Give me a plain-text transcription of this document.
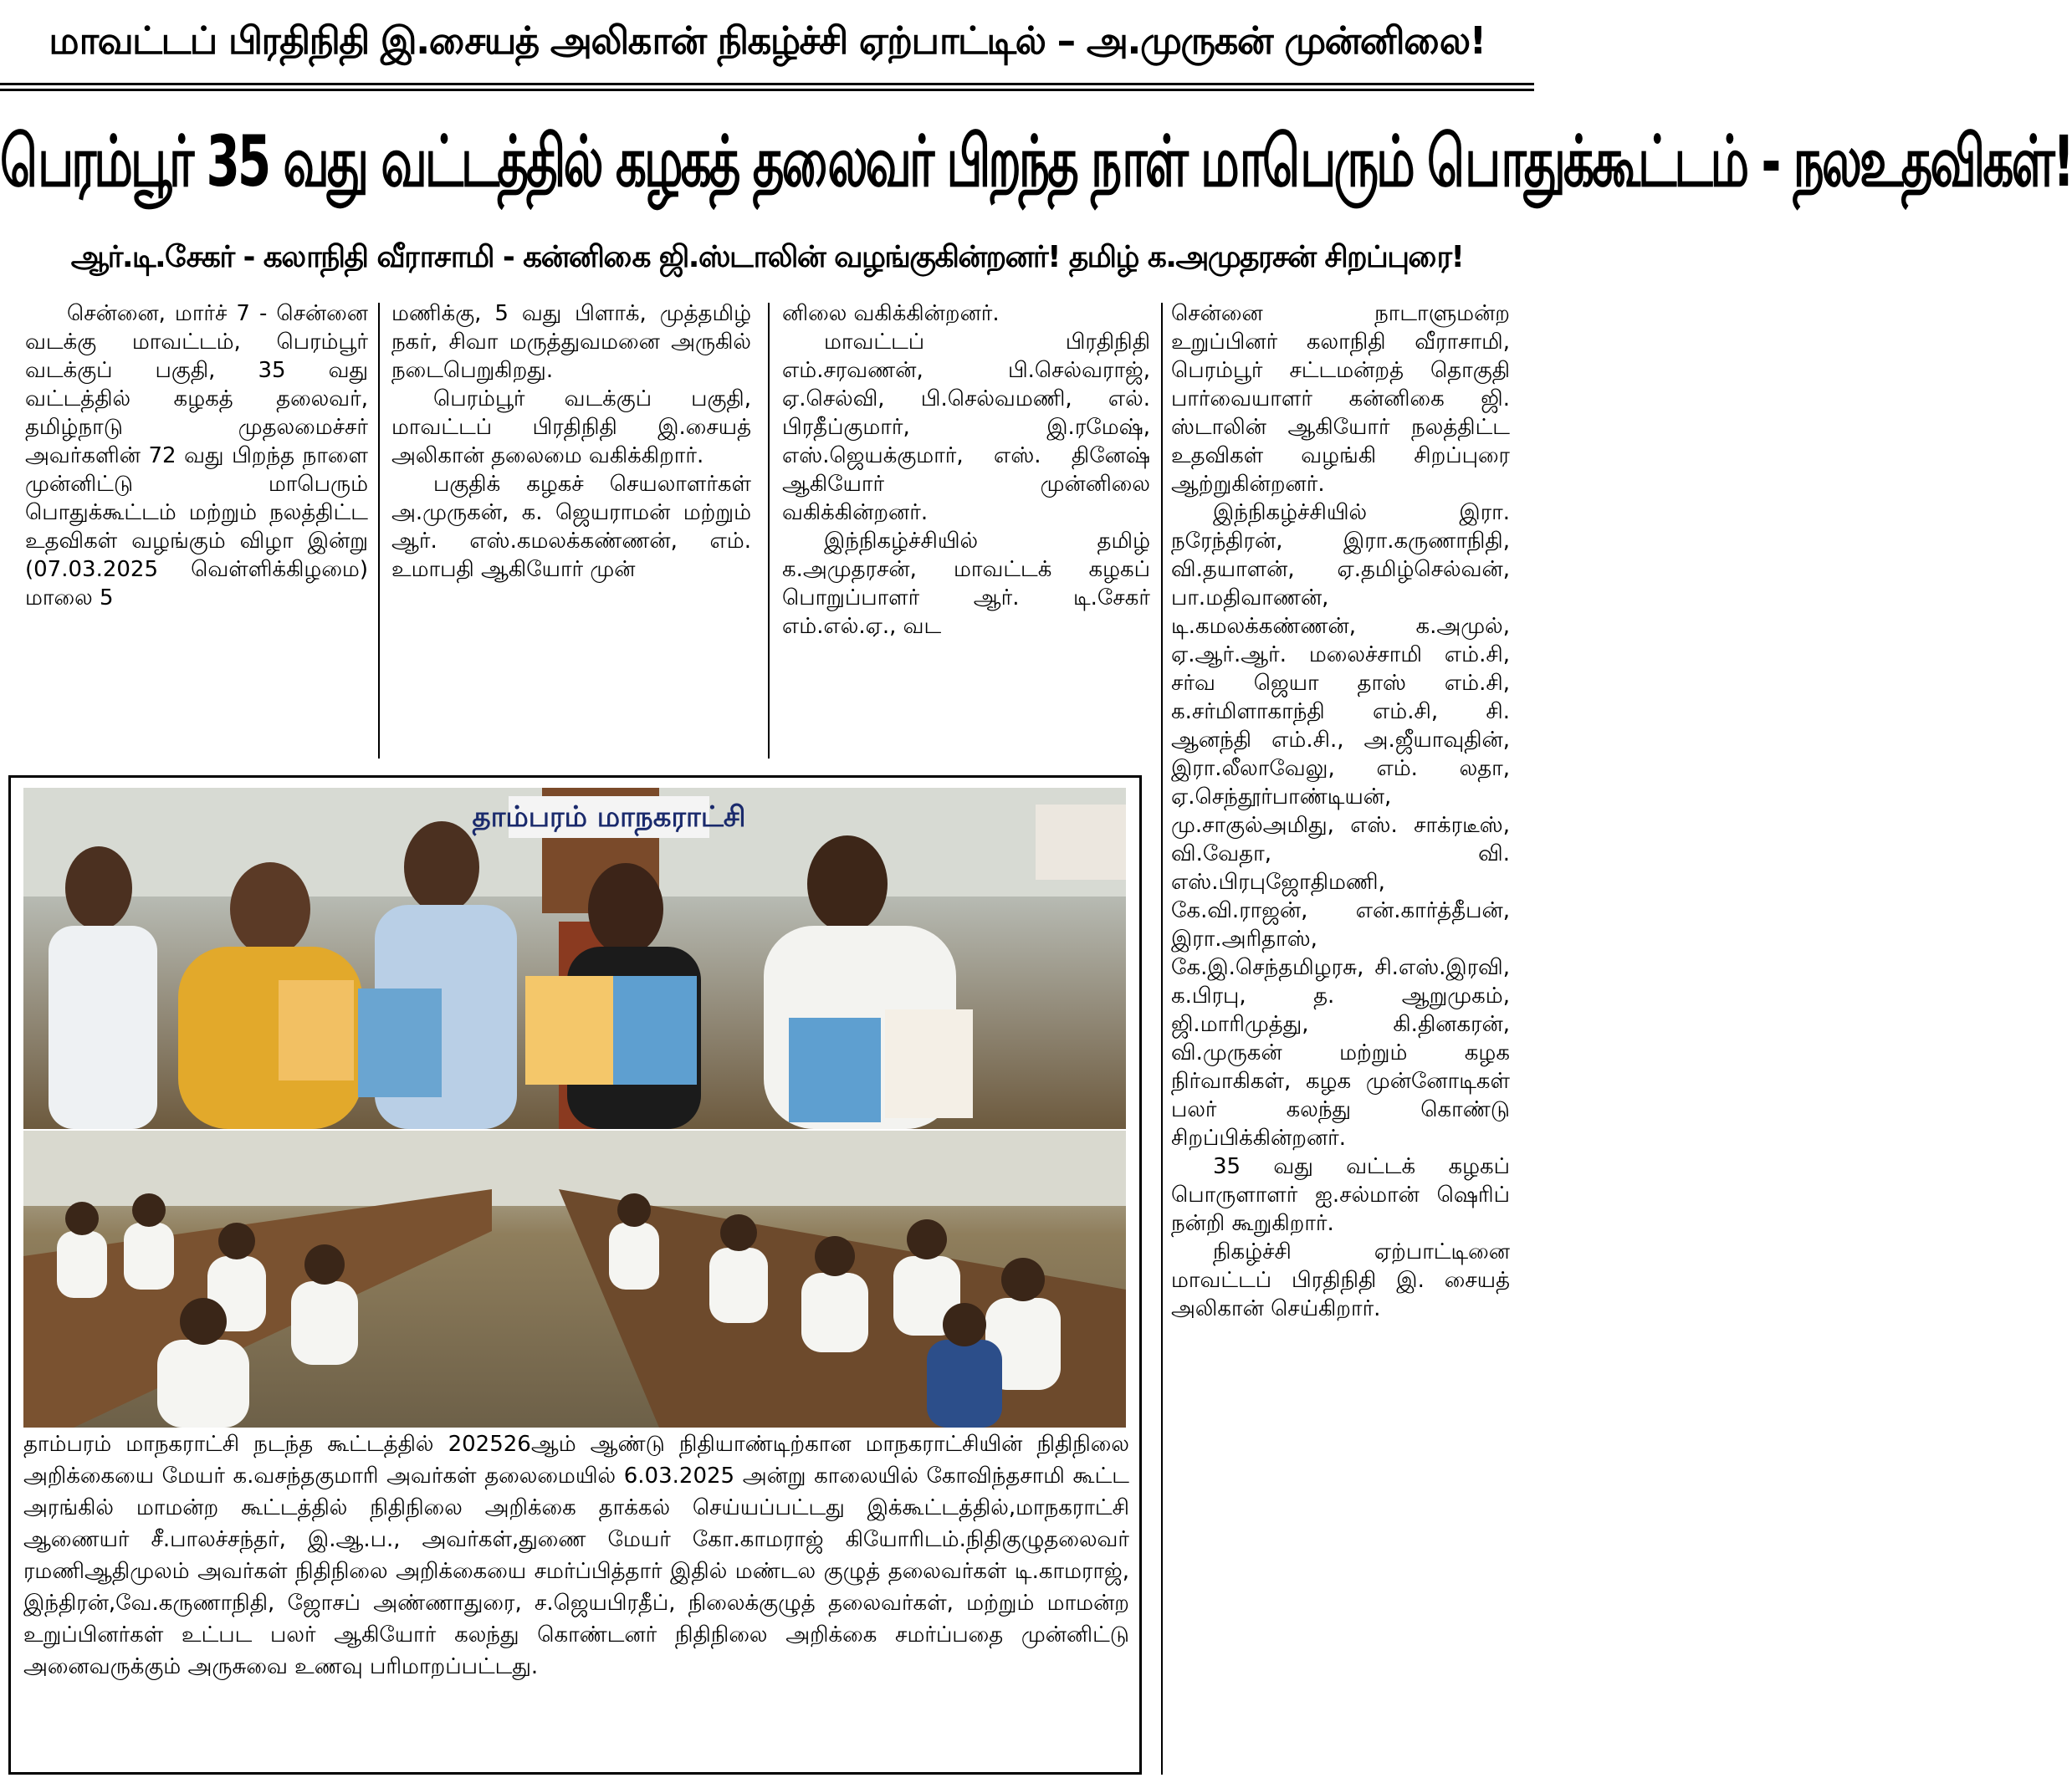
மாவட்டப் பிரதிநிதி இ.சையத் அலிகான் நிகழ்ச்சி ஏற்பாட்டில் – அ.முருகன் முன்னிலை!
பெரம்பூர் 35 வது வட்டத்தில் கழகத் தலைவர் பிறந்த நாள் மாபெரும் பொதுக்கூட்டம் - நலஉதவிகள்!
ஆர்.டி.சேகர் - கலாநிதி வீராசாமி - கன்னிகை ஜி.ஸ்டாலின் வழங்குகின்றனர்! தமிழ் க.அமுதரசன் சிறப்புரை!

சென்னை, மார்ச் 7 - சென்னை வடக்கு மாவட்டம், பெரம்பூர் வடக்குப் பகுதி, 35 வது வட்டத்தில் கழகத் தலைவர், தமிழ்நாடு முதலமைச்சர் அவர்களின் 72 வது பிறந்த நாளை முன்னிட்டு மாபெரும் பொதுக்கூட்டம் மற்றும் நலத்திட்ட உதவிகள் வழங்கும் விழா இன்று (07.03.2025 வெள்ளிக்கிழமை) மாலை 5

மணிக்கு, 5 வது பிளாக், முத்தமிழ் நகர், சிவா மருத்துவமனை அருகில் நடைபெறுகிறது.

பெரம்பூர் வடக்குப் பகுதி, மாவட்டப் பிரதிநிதி இ.சையத் அலிகான் தலைமை வகிக்கிறார்.

பகுதிக் கழகச் செயலாளர்கள் அ.முருகன், க. ஜெயராமன் மற்றும் ஆர். எஸ்.கமலக்கண்ணன், எம். உமாபதி ஆகியோர் முன்

னிலை வகிக்கின்றனர்.

மாவட்டப் பிரதிநிதி எம்.சரவணன், பி.செல்வராஜ், ஏ.செல்வி, பி.செல்வமணி, எல். பிரதீப்குமார், இ.ரமேஷ், எஸ்.ஜெயக்குமார், எஸ். தினேஷ் ஆகியோர் முன்னிலை வகிக்கின்றனர்.

இந்நிகழ்ச்சியில் தமிழ் க.அமுதரசன், மாவட்டக் கழகப் பொறுப்பாளர் ஆர். டி.சேகர் எம்.எல்.ஏ., வட

சென்னை நாடாளுமன்ற உறுப்பினர் கலாநிதி வீராசாமி, பெரம்பூர் சட்டமன்றத் தொகுதி பார்வையாளர் கன்னிகை ஜி. ஸ்டாலின் ஆகியோர் நலத்திட்ட உதவிகள் வழங்கி சிறப்புரை ஆற்றுகின்றனர்.

இந்நிகழ்ச்சியில் இரா. நரேந்திரன், இரா.கருணாநிதி, வி.தயாளன், ஏ.தமிழ்செல்வன், பா.மதிவாணன், டி.கமலக்கண்ணன், க.அமுல், ஏ.ஆர்.ஆர். மலைச்சாமி எம்.சி, சர்வ ஜெயா தாஸ் எம்.சி, க.சர்மிளாகாந்தி எம்.சி, சி. ஆனந்தி எம்.சி., அ.ஜீயாவுதின், இரா.லீலாவேலு, எம். லதா, ஏ.செந்தூர்பாண்டியன், மு.சாகுல்அமிது, எஸ். சாக்ரடீஸ், வி.வேதா, வி. எஸ்.பிரபுஜோதிமணி, கே.வி.ராஜன், என்.கார்த்தீபன், இரா.அரிதாஸ், கே.இ.செந்தமிழரசு, சி.எஸ்.இரவி, க.பிரபு, த. ஆறுமுகம், ஜி.மாரிமுத்து, கி.தினகரன், வி.முருகன் மற்றும் கழக நிர்வாகிகள், கழக முன்னோடிகள் பலர் கலந்து கொண்டு சிறப்பிக்கின்றனர்.

35 வது வட்டக் கழகப் பொருளாளர் ஐ.சல்மான் ஷெரிப் நன்றி கூறுகிறார்.

நிகழ்ச்சி ஏற்பாட்டினை மாவட்டப் பிரதிநிதி இ. சையத் அலிகான் செய்கிறார்.

தாம்பரம் மாநகராட்சி
தாம்பரம் மாநகராட்சி நடந்த கூட்டத்தில் 202526ஆம் ஆண்டு நிதியாண்டிற்கான மாநகராட்சியின் நிதிநிலை அறிக்கையை மேயர் க.வசந்தகுமாரி அவர்கள் தலைமையில் 6.03.2025 அன்று காலையில் கோவிந்தசாமி கூட்ட அரங்கில் மாமன்ற கூட்டத்தில் நிதிநிலை அறிக்கை தாக்கல் செய்யப்பட்டது இக்கூட்டத்தில்,மாநகராட்சி ஆணையர் சீ.பாலச்சந்தர், இ.ஆ.ப., அவர்கள்,துணை மேயர் கோ.காமராஜ் கியோரிடம்.நிதிகுழுதலைவர் ரமணிஆதிமுலம் அவர்கள் நிதிநிலை அறிக்கையை சமர்ப்பித்தார் இதில் மண்டல குழுத் தலைவர்கள் டி.காமராஜ், இந்திரன்,வே.கருணாநிதி, ஜோசப் அண்ணாதுரை, ச.ஜெயபிரதீப், நிலைக்குழுத் தலைவர்கள், மற்றும் மாமன்ற உறுப்பினர்கள் உட்பட பலர் ஆகியோர் கலந்து கொண்டனர் நிதிநிலை அறிக்கை சமர்ப்பதை முன்னிட்டு அனைவருக்கும் அருசுவை உணவு பரிமாறப்பட்டது.
